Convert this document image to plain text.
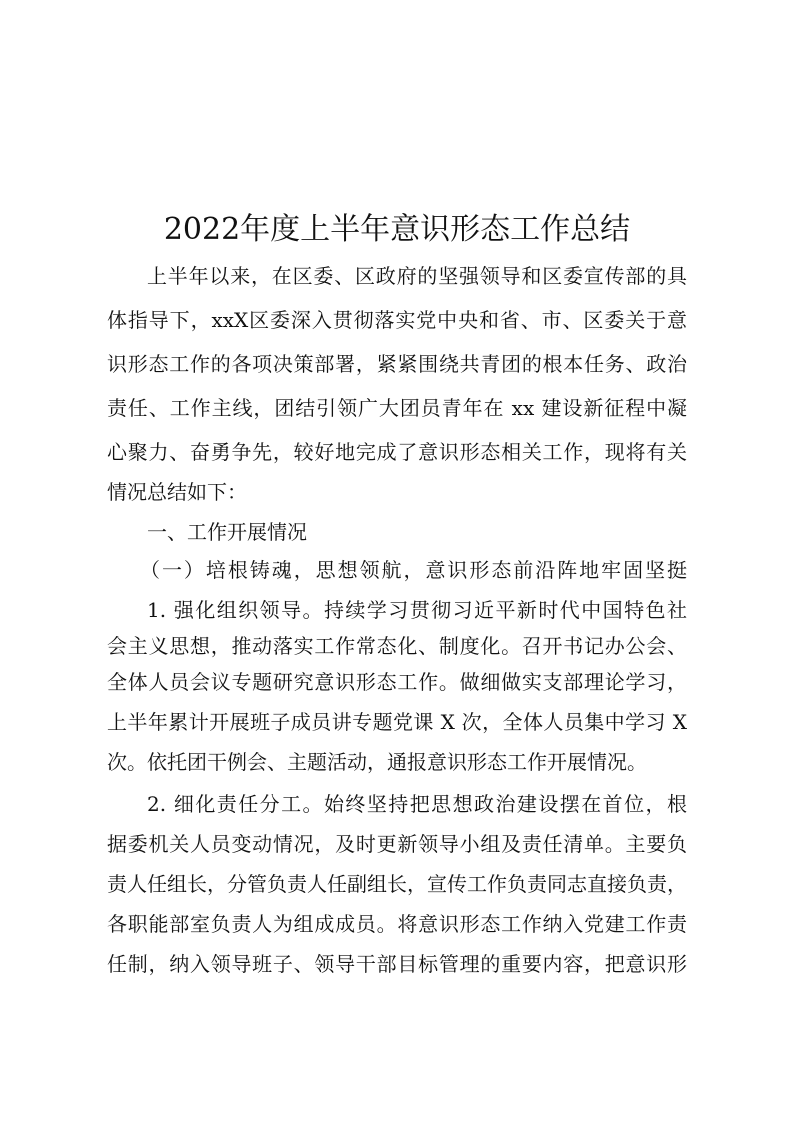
2022年度上半年意识形态工作总结
上半年以来，在区委、区政府的坚强领导和区委宣传部的具
体指导下，xxX区委深入贯彻落实党中央和省、市、区委关于意
识形态工作的各项决策部署，紧紧围绕共青团的根本任务、政治
责任、工作主线，团结引领广大团员青年在 xx 建设新征程中凝
心聚力、奋勇争先，较好地完成了意识形态相关工作，现将有关
情况总结如下：
一、工作开展情况
（一）培根铸魂，思想领航，意识形态前沿阵地牢固坚挺
1. 强化组织领导。持续学习贯彻习近平新时代中国特色社
会主义思想，推动落实工作常态化、制度化。召开书记办公会、
全体人员会议专题研究意识形态工作。做细做实支部理论学习，
上半年累计开展班子成员讲专题党课 X 次，全体人员集中学习 X
次。依托团干例会、主题活动，通报意识形态工作开展情况。
2. 细化责任分工。始终坚持把思想政治建设摆在首位，根
据委机关人员变动情况，及时更新领导小组及责任清单。主要负
责人任组长，分管负责人任副组长，宣传工作负责同志直接负责，
各职能部室负责人为组成成员。将意识形态工作纳入党建工作责
任制，纳入领导班子、领导干部目标管理的重要内容，把意识形
